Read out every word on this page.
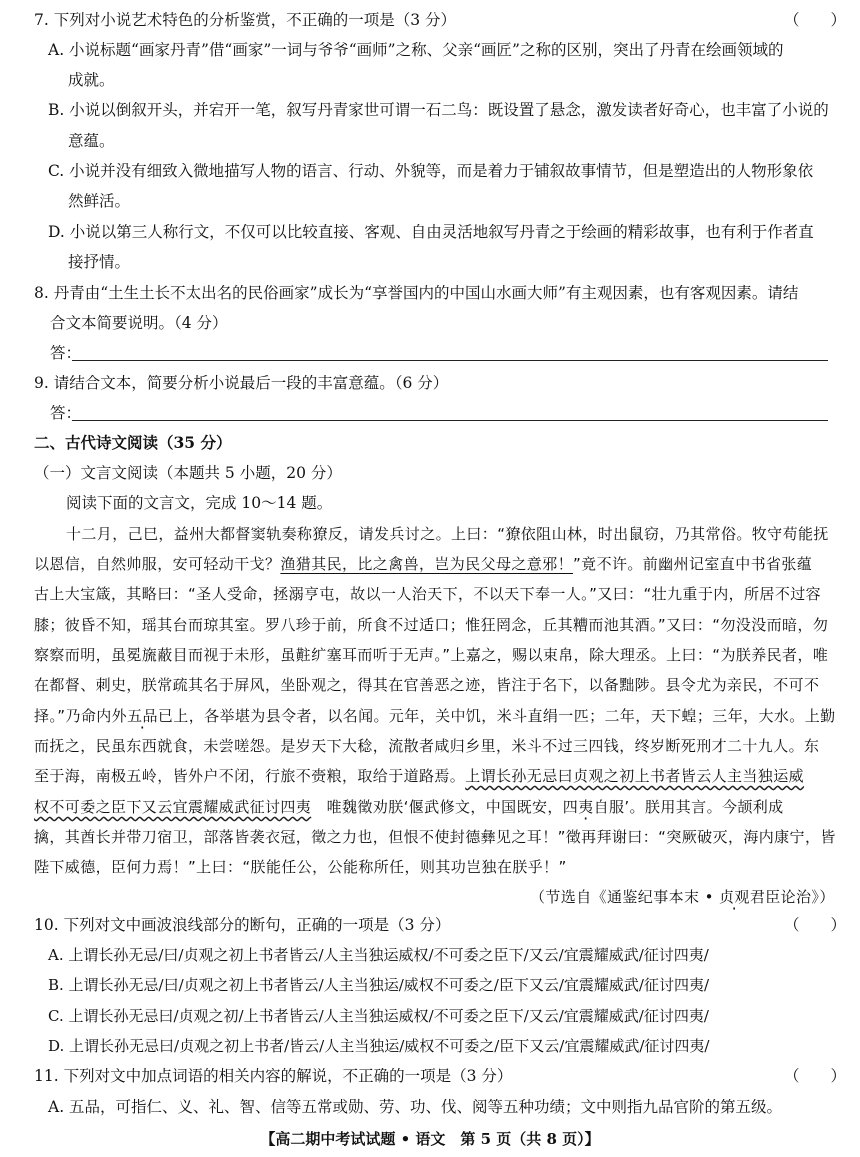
7. 下列对小说艺术特色的分析鉴赏，不正确的一项是（3 分）	（　　）
A. 小说标题“画家丹青”借“画家”一词与爷爷“画师”之称、父亲“画匠”之称的区别，突出了丹青在绘画领域的
成就。
B. 小说以倒叙开头，并宕开一笔，叙写丹青家世可谓一石二鸟：既设置了悬念，激发读者好奇心，也丰富了小说的
意蕴。
C. 小说并没有细致入微地描写人物的语言、行动、外貌等，而是着力于铺叙故事情节，但是塑造出的人物形象依
然鲜活。
D. 小说以第三人称行文，不仅可以比较直接、客观、自由灵活地叙写丹青之于绘画的精彩故事，也有利于作者直
接抒情。
8. 丹青由“土生土长不太出名的民俗画家”成长为“享誉国内的中国山水画大师”有主观因素，也有客观因素。请结
合文本简要说明。（4 分）
答：
9. 请结合文本，简要分析小说最后一段的丰富意蕴。（6 分）
答：
二、古代诗文阅读（35 分）
（一）文言文阅读（本题共 5 小题，20 分）
阅读下面的文言文，完成 10～14 题。
十二月，己巳，益州大都督窦轨奏称獠反，请发兵讨之。上曰：“獠依阻山林，时出鼠窃，乃其常俗。牧守苟能抚
以恩信，自然帅服，安可轻动干戈？渔猎其民，比之禽兽，岂为民父母之意邪！”竟不许。前幽州记室直中书省张蕴
古上大宝箴，其略曰：“圣人受命，拯溺亨屯，故以一人治天下，不以天下奉一人。”又曰：“壮九重于内，所居不过容
膝；彼昏不知，瑶其台而琼其室。罗八珍于前，所食不过适口；惟狂罔念，丘其糟而池其酒。”又曰：“勿没没而暗，勿
察察而明，虽冕旒蔽目而视于未形，虽黈纩塞耳而听于无声。”上嘉之，赐以束帛，除大理丞。上曰：“为朕养民者，唯
在都督、刺史，朕常疏其名于屏风，坐卧观之，得其在官善恶之迹，皆注于名下，以备黜陟。县令尤为亲民，不可不
择。”乃命内外五品已上，各举堪为县令者，以名闻。元年，关中饥，米斗直绢一匹；二年，天下蝗；三年，大水。上勤
而抚之，民虽东西就食，未尝嗟怨。是岁天下大稔，流散者咸归乡里，米斗不过三四钱，终岁断死刑才二十九人。东
至于海，南极五岭，皆外户不闭，行旅不赍粮，取给于道路焉。上谓长孙无忌曰贞观之初上书者皆云人主当独运威
权不可委之臣下又云宜震耀威武征讨四夷　 唯魏徵劝朕‘偃武修文，中国既安，四夷自服’。朕用其言。今颉利成
擒，其酋长并带刀宿卫，部落皆袭衣冠，徵之力也，但恨不使封德彝见之耳！”徵再拜谢曰：“突厥破灭，海内康宁，皆
陛下威德，臣何力焉！”上曰：“朕能任公，公能称所任，则其功岂独在朕乎！”
（节选自《通鉴纪事本末 • 贞观君臣论治》）
10. 下列对文中画波浪线部分的断句，正确的一项是（3 分）	（　　）
A. 上谓长孙无忌/曰/贞观之初上书者皆云/人主当独运威权/不可委之臣下/又云/宜震耀威武/征讨四夷/
B. 上谓长孙无忌/曰/贞观之初上书者皆云/人主当独运/威权不可委之/臣下又云/宜震耀威武/征讨四夷/
C. 上谓长孙无忌曰/贞观之初/上书者皆云/人主当独运威权/不可委之臣下/又云/宜震耀威武/征讨四夷/
D. 上谓长孙无忌曰/贞观之初上书者/皆云/人主当独运/威权不可委之/臣下又云/宜震耀威武/征讨四夷/
11. 下列对文中加点词语的相关内容的解说，不正确的一项是（3 分）	（　　）
A. 五品，可指仁、义、礼、智、信等五常或勋、劳、功、伐、阅等五种功绩；文中则指九品官阶的第五级。
【高二期中考试试题 • 语文　第 5 页（共 8 页）】
